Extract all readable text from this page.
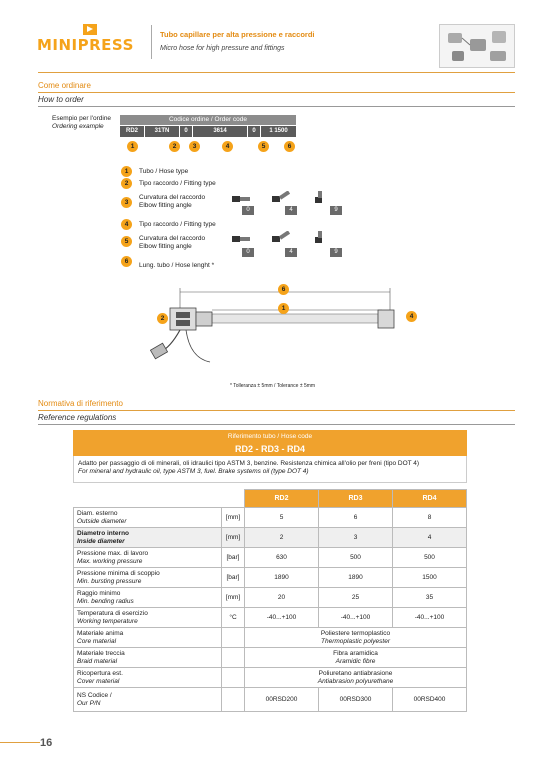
MINIPRESS
Tubo capillare per alta pressione e raccordi
Micro hose for high pressure and fittings
Come ordinare
How to order
Esempio per l'ordine
Ordering example
Codice ordine / Order code
RD2	31TN	0	3614	0	1 1500
1	2	3	4	5	6
1	Tubo / Hose type
2	Tipo raccordo / Fitting type
3
Curvatura del raccordo
Elbow fitting angle
4	Tipo raccordo / Fitting type
5	Curvatura del raccordo
Elbow fitting angle
6
Lung. tubo / Hose lenght *
0	4	9
0	4	9
6
1
2	4
* Tolleranza ± 5mm / Tolerance ± 5mm
Normativa di riferimento
Reference regulations
Riferimento tubo / Hose code
RD2 - RD3 - RD4
Adatto per passaggio di oli minerali, oli idraulici tipo ASTM 3, benzine. Resistenza chimica all'olio per freni (tipo DOT 4)
For mineral and hydraulic oil, type ASTM 3, fuel. Brake systems oil (type DOT 4)
		RD2	RD3	RD4
Diam. esterno
Outside diameter	[mm]	5	6	8
Diametro interno
Inside diameter	[mm]	2	3	4
Pressione max. di lavoro
Max. working pressure	[bar]	630	500	500
Pressione minima di scoppio
Min. bursting pressure	[bar]	1890	1890	1500
Raggio minimo
Min. bending radius	[mm]	20	25	35
Temperatura di esercizio
Working temperature	°C	-40...+100	-40...+100	-40...+100
Materiale anima
Core material		Poliestere termoplastico
Thermoplastic polyester		

Materiale treccia
Braid material		Fibra aramidica
Aramidic fibre		

Ricopertura est.
Cover material		Poliuretano antiabrasione
Antiabrasion polyurethane		

NS Codice /
Our P/N		00RSD200	00RSD300	00RSD400
16
